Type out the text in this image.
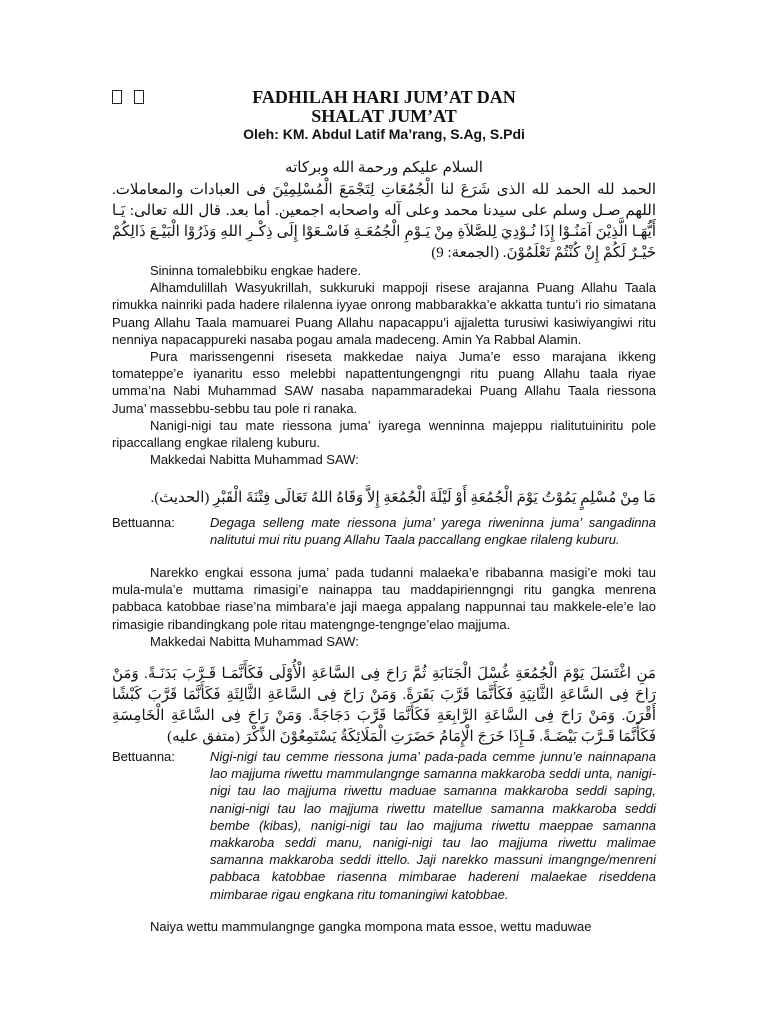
FADHILAH HARI JUM’AT DAN
SHALAT JUM’AT
Oleh: KM. Abdul Latif Ma’rang, S.Ag, S.Pdi
السلام عليكم ورحمة الله وبركاته
الحمد لله الحمد لله الذى شَرَعَ لنا الْجُمُعَاتِ لِتَجْمَعَ الْمُسْلِمِيْنَ فى العبادات والمعاملات. اللهم صـل وسلم على سيدنا محمد وعلى آله واصحابه اجمعين. أما بعد. قال الله تعالى: يَـا أَيُّهَـا الَّذِيْنَ آمَنُـوْا إِذَا نُـوْدِيَ لِلصَّلاَةِ مِنْ يَـوْمِ الْجُمُعَـةِ فَاسْـعَوْا إِلَى ذِكْـرِ اللهِ وَذَرُوْا الْبَيْـعَ ذَالِكُمْ خَيْـرٌ لَكُمْ إِنْ كُنْتُمْ تَعْلَمُوْنَ. (الجمعة: 9)

Sininna tomalebbiku engkae hadere.

Alhamdulillah Wasyukrillah, sukkuruki mappoji risese arajanna Puang Allahu Taala rimukka nainriki pada hadere rilalenna iyyae onrong mabbarakka’e akkatta tuntu’i rio simatana Puang Allahu Taala mamuarei Puang Allahu napacappu’i ajjaletta turusiwi kasiwiyangiwi ritu nenniya napacappureki nasaba pogau amala madeceng. Amin Ya Rabbal Alamin.

Pura marissengenni riseseta makkedae naiya Juma’e esso marajana ikkeng tomateppe’e iyanaritu esso melebbi napattentungengngi ritu puang Allahu taala riyae umma’na Nabi Muhammad SAW nasaba napammaradekai Puang Allahu Taala riessona Juma’ massebbu-sebbu tau pole ri ranaka.

Nanigi-nigi tau mate riessona juma’ iyarega wenninna majeppu rialitutuiniritu pole ripaccallang engkae rilaleng kuburu.

Makkedai Nabitta Muhammad SAW:

مَا مِنْ مُسْلِمٍ يَمُوْتُ يَوْمَ الْجُمُعَةِ أَوْ لَيْلَةَ الْجُمُعَةِ إِلاَّ وَقَاهُ اللهُ تَعَالَى فِتْنَةَ الْقَبْرِ (الحديث).
Bettuanna:	Degaga selleng mate riessona juma’ yarega riweninna juma’ sangadinna nalitutui mui ritu puang Allahu Taala paccallang engkae rilaleng kuburu.

Narekko engkai essona juma’ pada tudanni malaeka’e ribabanna masigi’e moki tau mula-mula’e muttama rimasigi’e nainappa tau maddapirienngngi ritu gangka menrena pabbaca katobbae riase’na mimbara’e jaji maega appalang nappunnai tau makkele-ele’e lao rimasigie ribandingkang pole ritau matengnge-tengnge’elao majjuma.

Makkedai Nabitta Muhammad SAW:

مَنِ اغْتَسَلَ يَوْمَ الْجُمُعَةِ غُسْلَ الْجَنَابَةِ ثُمَّ رَاحَ فِى السَّاعَةِ الْأُوْلَى فَكَأَنَّمَـا قَـرَّبَ بَدَنَـةً. وَمَنْ رَاحَ فِى السَّاعَةِ الثَّانِيَةِ فَكَأَنَّمَا قَرَّبَ بَقَرَةً. وَمَنْ رَاحَ فِى السَّاعَةِ الثَّالِثَةِ فَكَأَنَّمَا قَرَّبَ كَبْشًا أَقْرَنَ. وَمَنْ رَاحَ فِى السَّاعَةِ الرَّابِعَةِ فَكَأَنَّمَا قَرَّبَ دَجَاجَةً. وَمَنْ رَاحَ فِى السَّاعَةِ الْخَامِسَةِ فَكَأَنَّمَا قَـرَّبَ بَيْضَـةً. فَـإِذَا خَرَجَ الْإِمَامُ حَضَرَتِ الْمَلَائِكَةُ يَسْتَمِعُوْنَ الذِّكْرَ (متفق عليه)
Bettuanna:	Nigi-nigi tau cemme riessona juma’ pada-pada cemme junnu’e nainnapana lao majjuma riwettu mammulangnge samanna makkaroba seddi unta, nanigi-nigi tau lao majjuma riwettu maduae samanna makkaroba seddi saping, nanigi-nigi tau lao majjuma riwettu matellue samanna makkaroba seddi bembe (kibas), nanigi-nigi tau lao majjuma riwettu maeppae samanna makkaroba seddi manu, nanigi-nigi tau lao majjuma riwettu malimae samanna makkaroba seddi ittello. Jaji narekko massuni imangnge/menreni pabbaca katobbae riasenna mimbarae hadereni malaekae riseddena mimbarae rigau engkana ritu tomaningiwi katobbae.

Naiya wettu mammulangnge gangka mompona mata essoe, wettu maduwae
